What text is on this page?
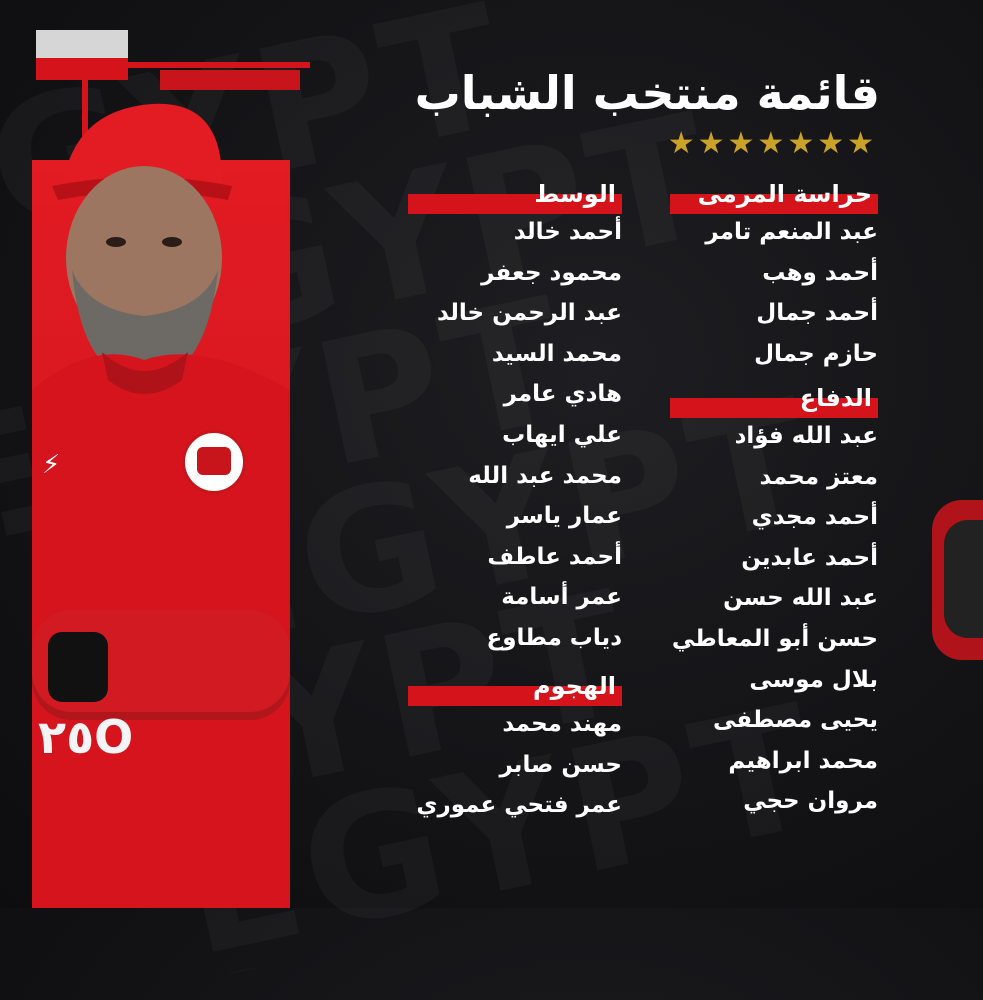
⚡
٢٥O
قائمة منتخب الشباب
★★★★★★★
حراسة المرمى
عبد المنعم تامر
أحمد وهب
أحمد جمال
حازم جمال
الدفاع
عبد الله فؤاد
معتز محمد
أحمد مجدي
أحمد عابدين
عبد الله حسن
حسن أبو المعاطي
بلال موسى
يحيى مصطفى
محمد ابراهيم
مروان حجي
الوسط
أحمد خالد
محمود جعفر
عبد الرحمن خالد
محمد السيد
هادي عامر
علي ايهاب
محمد عبد الله
عمار ياسر
أحمد عاطف
عمر أسامة
دياب مطاوع
الهجوم
مهند محمد
حسن صابر
عمر فتحي عموري
